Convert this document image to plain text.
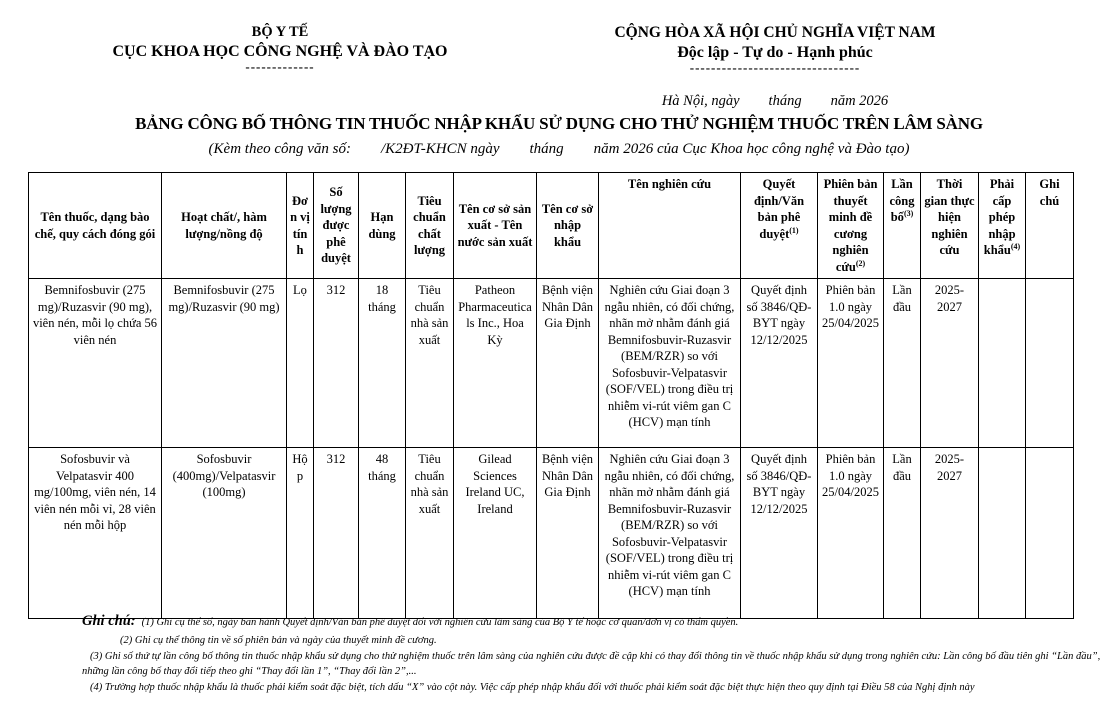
BỘ Y TẾ
CỤC KHOA HỌC CÔNG NGHỆ VÀ ĐÀO TẠO
-------------
CỘNG HÒA XÃ HỘI CHỦ NGHĨA VIỆT NAM
Độc lập - Tự do - Hạnh phúc
--------------------------------
Hà Nội, ngày        tháng        năm 2026
BẢNG CÔNG BỐ THÔNG TIN THUỐC NHẬP KHẨU SỬ DỤNG CHO THỬ NGHIỆM THUỐC TRÊN LÂM SÀNG
(Kèm theo công văn số:        /K2ĐT-KHCN ngày        tháng        năm 2026 của Cục Khoa học công nghệ và Đào tạo)
Tên thuốc, dạng bào chế, quy cách đóng gói	Hoạt chất/, hàm lượng/nồng độ	Đơn vị tính	Số lượng được phê duyệt	Hạn dùng	Tiêu chuẩn chất lượng	Tên cơ sở sản xuất - Tên nước sản xuất	Tên cơ sở nhập khẩu	Tên nghiên cứu	Quyết định/Văn bản phê duyệt$^{(1)}$	Phiên bản thuyết minh đề cương nghiên cứu$^{(2)}$	Lần công bố$^{(3)}$	Thời gian thực hiện nghiên cứu	Phải cấp phép nhập khẩu$^{(4)}$	Ghi chú
Bemnifosbuvir (275 mg)/Ruzasvir (90 mg), viên nén, mỗi lọ chứa 56 viên nén	Bemnifosbuvir (275 mg)/Ruzasvir (90 mg)	Lọ	312	18 tháng	Tiêu chuẩn nhà sản xuất	Patheon Pharmaceuticals Inc., Hoa Kỳ	Bệnh viện Nhân Dân Gia Định	Nghiên cứu Giai đoạn 3 ngẫu nhiên, có đối chứng, nhãn mở nhằm đánh giá Bemnifosbuvir-Ruzasvir (BEM/RZR) so với Sofosbuvir-Velpatasvir (SOF/VEL) trong điều trị nhiễm vi-rút viêm gan C (HCV) mạn tính	Quyết định số 3846/QĐ-BYT ngày 12/12/2025	Phiên bản 1.0 ngày 25/04/2025	Lần đầu	2025-2027		
Sofosbuvir và Velpatasvir 400 mg/100mg, viên nén, 14 viên nén mỗi vỉ, 28 viên nén mỗi hộp	Sofosbuvir (400mg)/Velpatasvir (100mg)	Hộp	312	48 tháng	Tiêu chuẩn nhà sản xuất	Gilead Sciences Ireland UC, Ireland	Bệnh viện Nhân Dân Gia Định	Nghiên cứu Giai đoạn 3 ngẫu nhiên, có đối chứng, nhãn mở nhằm đánh giá Bemnifosbuvir-Ruzasvir (BEM/RZR) so với Sofosbuvir-Velpatasvir (SOF/VEL) trong điều trị nhiễm vi-rút viêm gan C (HCV) mạn tính	Quyết định số 3846/QĐ-BYT ngày 12/12/2025	Phiên bản 1.0 ngày 25/04/2025	Lần đầu	2025-2027		
Ghi chú: (1) Ghi cụ thể số, ngày ban hành Quyết định/Văn bản phê duyệt đối với nghiên cứu lâm sàng của Bộ Y tế hoặc cơ quan/đơn vị có thẩm quyền.
(2) Ghi cụ thể thông tin về số phiên bản và ngày của thuyết minh đề cương.
(3) Ghi số thứ tự lần công bố thông tin thuốc nhập khẩu sử dụng cho thử nghiệm thuốc trên lâm sàng của nghiên cứu được đề cập khi có thay đổi thông tin về thuốc nhập khẩu sử dụng trong nghiên cứu: Lần công bố đầu tiên ghi “Lần đầu”, những lần công bố thay đổi tiếp theo ghi “Thay đổi lần 1”, “Thay đổi lần 2”,...
(4) Trường hợp thuốc nhập khẩu là thuốc phải kiểm soát đặc biệt, tích dấu “X” vào cột này. Việc cấp phép nhập khẩu đối với thuốc phải kiểm soát đặc biệt thực hiện theo quy định tại Điều 58 của Nghị định này
